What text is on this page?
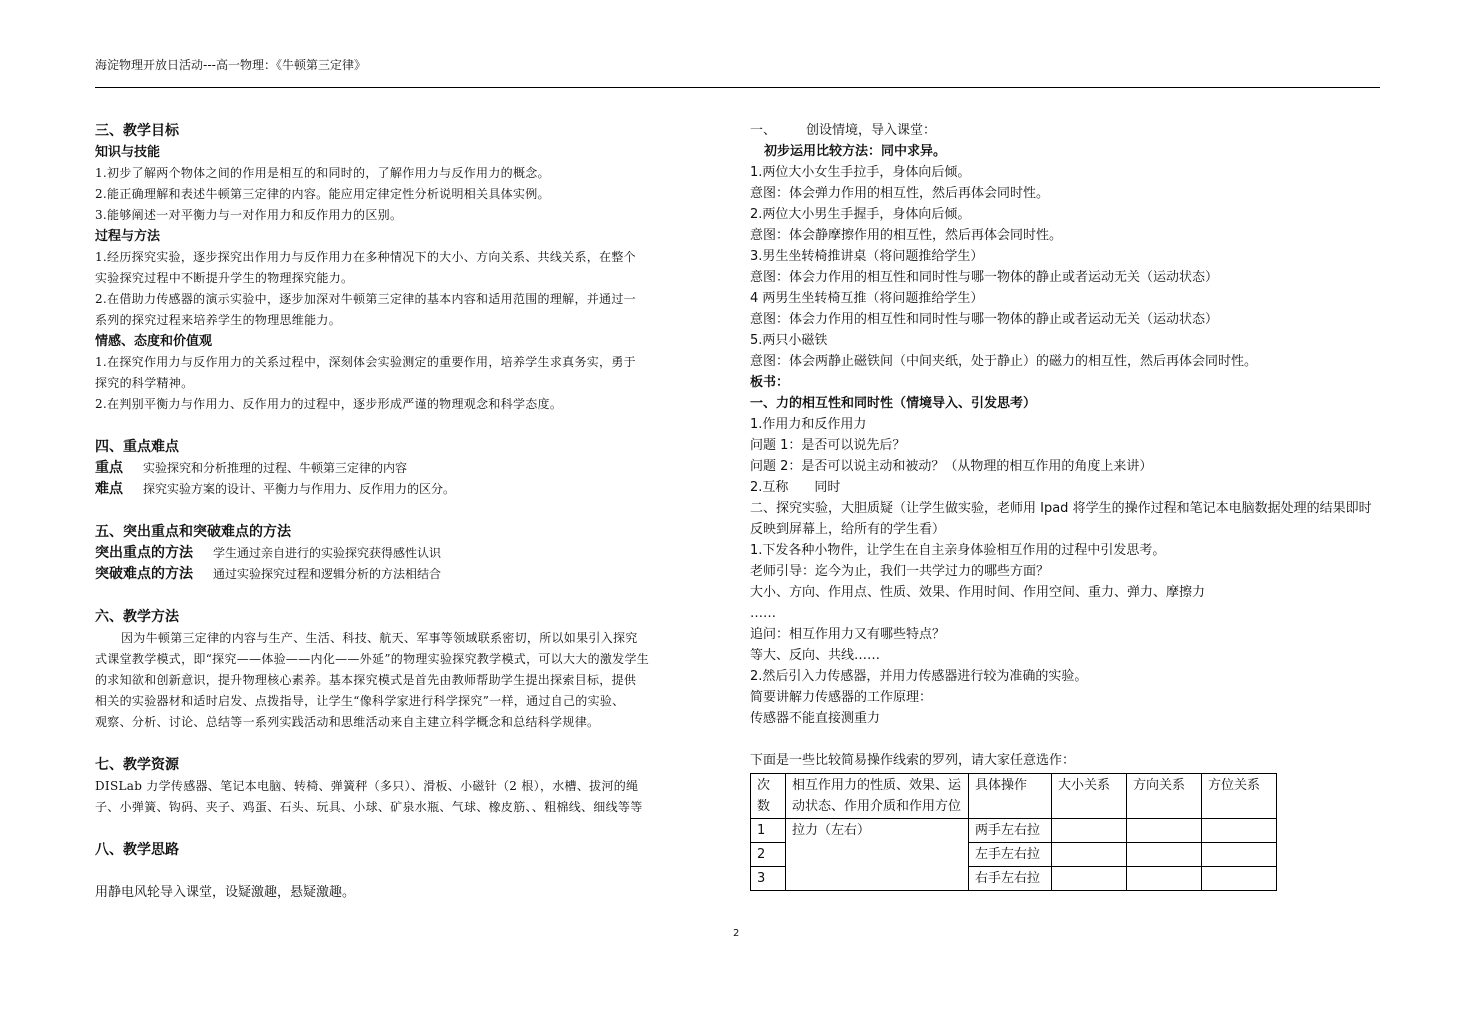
海淀物理开放日活动---高一物理：《牛顿第三定律》
三、教学目标
知识与技能
1.初步了解两个物体之间的作用是相互的和同时的，了解作用力与反作用力的概念。
2.能正确理解和表述牛顿第三定律的内容。能应用定律定性分析说明相关具体实例。
3.能够阐述一对平衡力与一对作用力和反作用力的区别。
过程与方法
1.经历探究实验，逐步探究出作用力与反作用力在多种情况下的大小、方向关系、共线关系，在整个
实验探究过程中不断提升学生的物理探究能力。
2.在借助力传感器的演示实验中，逐步加深对牛顿第三定律的基本内容和适用范围的理解，并通过一
系列的探究过程来培养学生的物理思维能力。
情感、态度和价值观
1.在探究作用力与反作用力的关系过程中，深刻体会实验测定的重要作用，培养学生求真务实，勇于
探究的科学精神。
2.在判别平衡力与作用力、反作用力的过程中，逐步形成严谨的物理观念和科学态度。
四、重点难点
重点 实验探究和分析推理的过程、牛顿第三定律的内容
难点 探究实验方案的设计、平衡力与作用力、反作用力的区分。
五、突出重点和突破难点的方法
突出重点的方法 学生通过亲自进行的实验探究获得感性认识
突破难点的方法 通过实验探究过程和逻辑分析的方法相结合
六、教学方法
因为牛顿第三定律的内容与生产、生活、科技、航天、军事等领域联系密切，所以如果引入探究
式课堂教学模式，即“探究——体验——内化——外延”的物理实验探究教学模式，可以大大的激发学生
的求知欲和创新意识，提升物理核心素养。基本探究模式是首先由教师帮助学生提出探索目标，提供
相关的实验器材和适时启发、点拨指导，让学生“像科学家进行科学探究”一样，通过自己的实验、
观察、分析、讨论、总结等一系列实践活动和思维活动来自主建立科学概念和总结科学规律。
七、教学资源
DISLab 力学传感器、笔记本电脑、转椅、弹簧秤（多只）、滑板、小磁针（2 根），水槽、拔河的绳
子、小弹簧、钩码、夹子、鸡蛋、石头、玩具、小球、矿泉水瓶、气球、橡皮筋、、粗棉线、细线等等
八、教学思路
用静电风轮导入课堂，设疑激趣，悬疑激趣。
一、 创设情境，导入课堂：
初步运用比较方法：同中求异。
1.两位大小女生手拉手，身体向后倾。
意图：体会弹力作用的相互性，然后再体会同时性。
2.两位大小男生手握手，身体向后倾。
意图：体会静摩擦作用的相互性，然后再体会同时性。
3.男生坐转椅推讲桌（将问题推给学生）
意图：体会力作用的相互性和同时性与哪一物体的静止或者运动无关（运动状态）
4 两男生坐转椅互推（将问题推给学生）
意图：体会力作用的相互性和同时性与哪一物体的静止或者运动无关（运动状态）
5.两只小磁铁
意图：体会两静止磁铁间（中间夹纸，处于静止）的磁力的相互性，然后再体会同时性。
板书：
一、力的相互性和同时性（情境导入、引发思考）
1.作用力和反作用力
问题 1：是否可以说先后？
问题 2：是否可以说主动和被动？（从物理的相互作用的角度上来讲）
2.互称 同时
二、探究实验，大胆质疑（让学生做实验，老师用 Ipad 将学生的操作过程和笔记本电脑数据处理的结果即时反映到屏幕上，给所有的学生看）
1.下发各种小物件，让学生在自主亲身体验相互作用的过程中引发思考。
老师引导：迄今为止，我们一共学过力的哪些方面？
大小、方向、作用点、性质、效果、作用时间、作用空间、重力、弹力、摩擦力
……
追问：相互作用力又有哪些特点？
等大、反向、共线……
2.然后引入力传感器，并用力传感器进行较为准确的实验。
简要讲解力传感器的工作原理：
传感器不能直接测重力
下面是一些比较简易操作线索的罗列，请大家任意选作：
次数	相互作用力的性质、效果、运动状态、作用介质和作用方位	具体操作	大小关系	方向关系	方位关系
1	拉力（左右）	两手左右拉			
2		左手左右拉			
3		右手左右拉			
2
